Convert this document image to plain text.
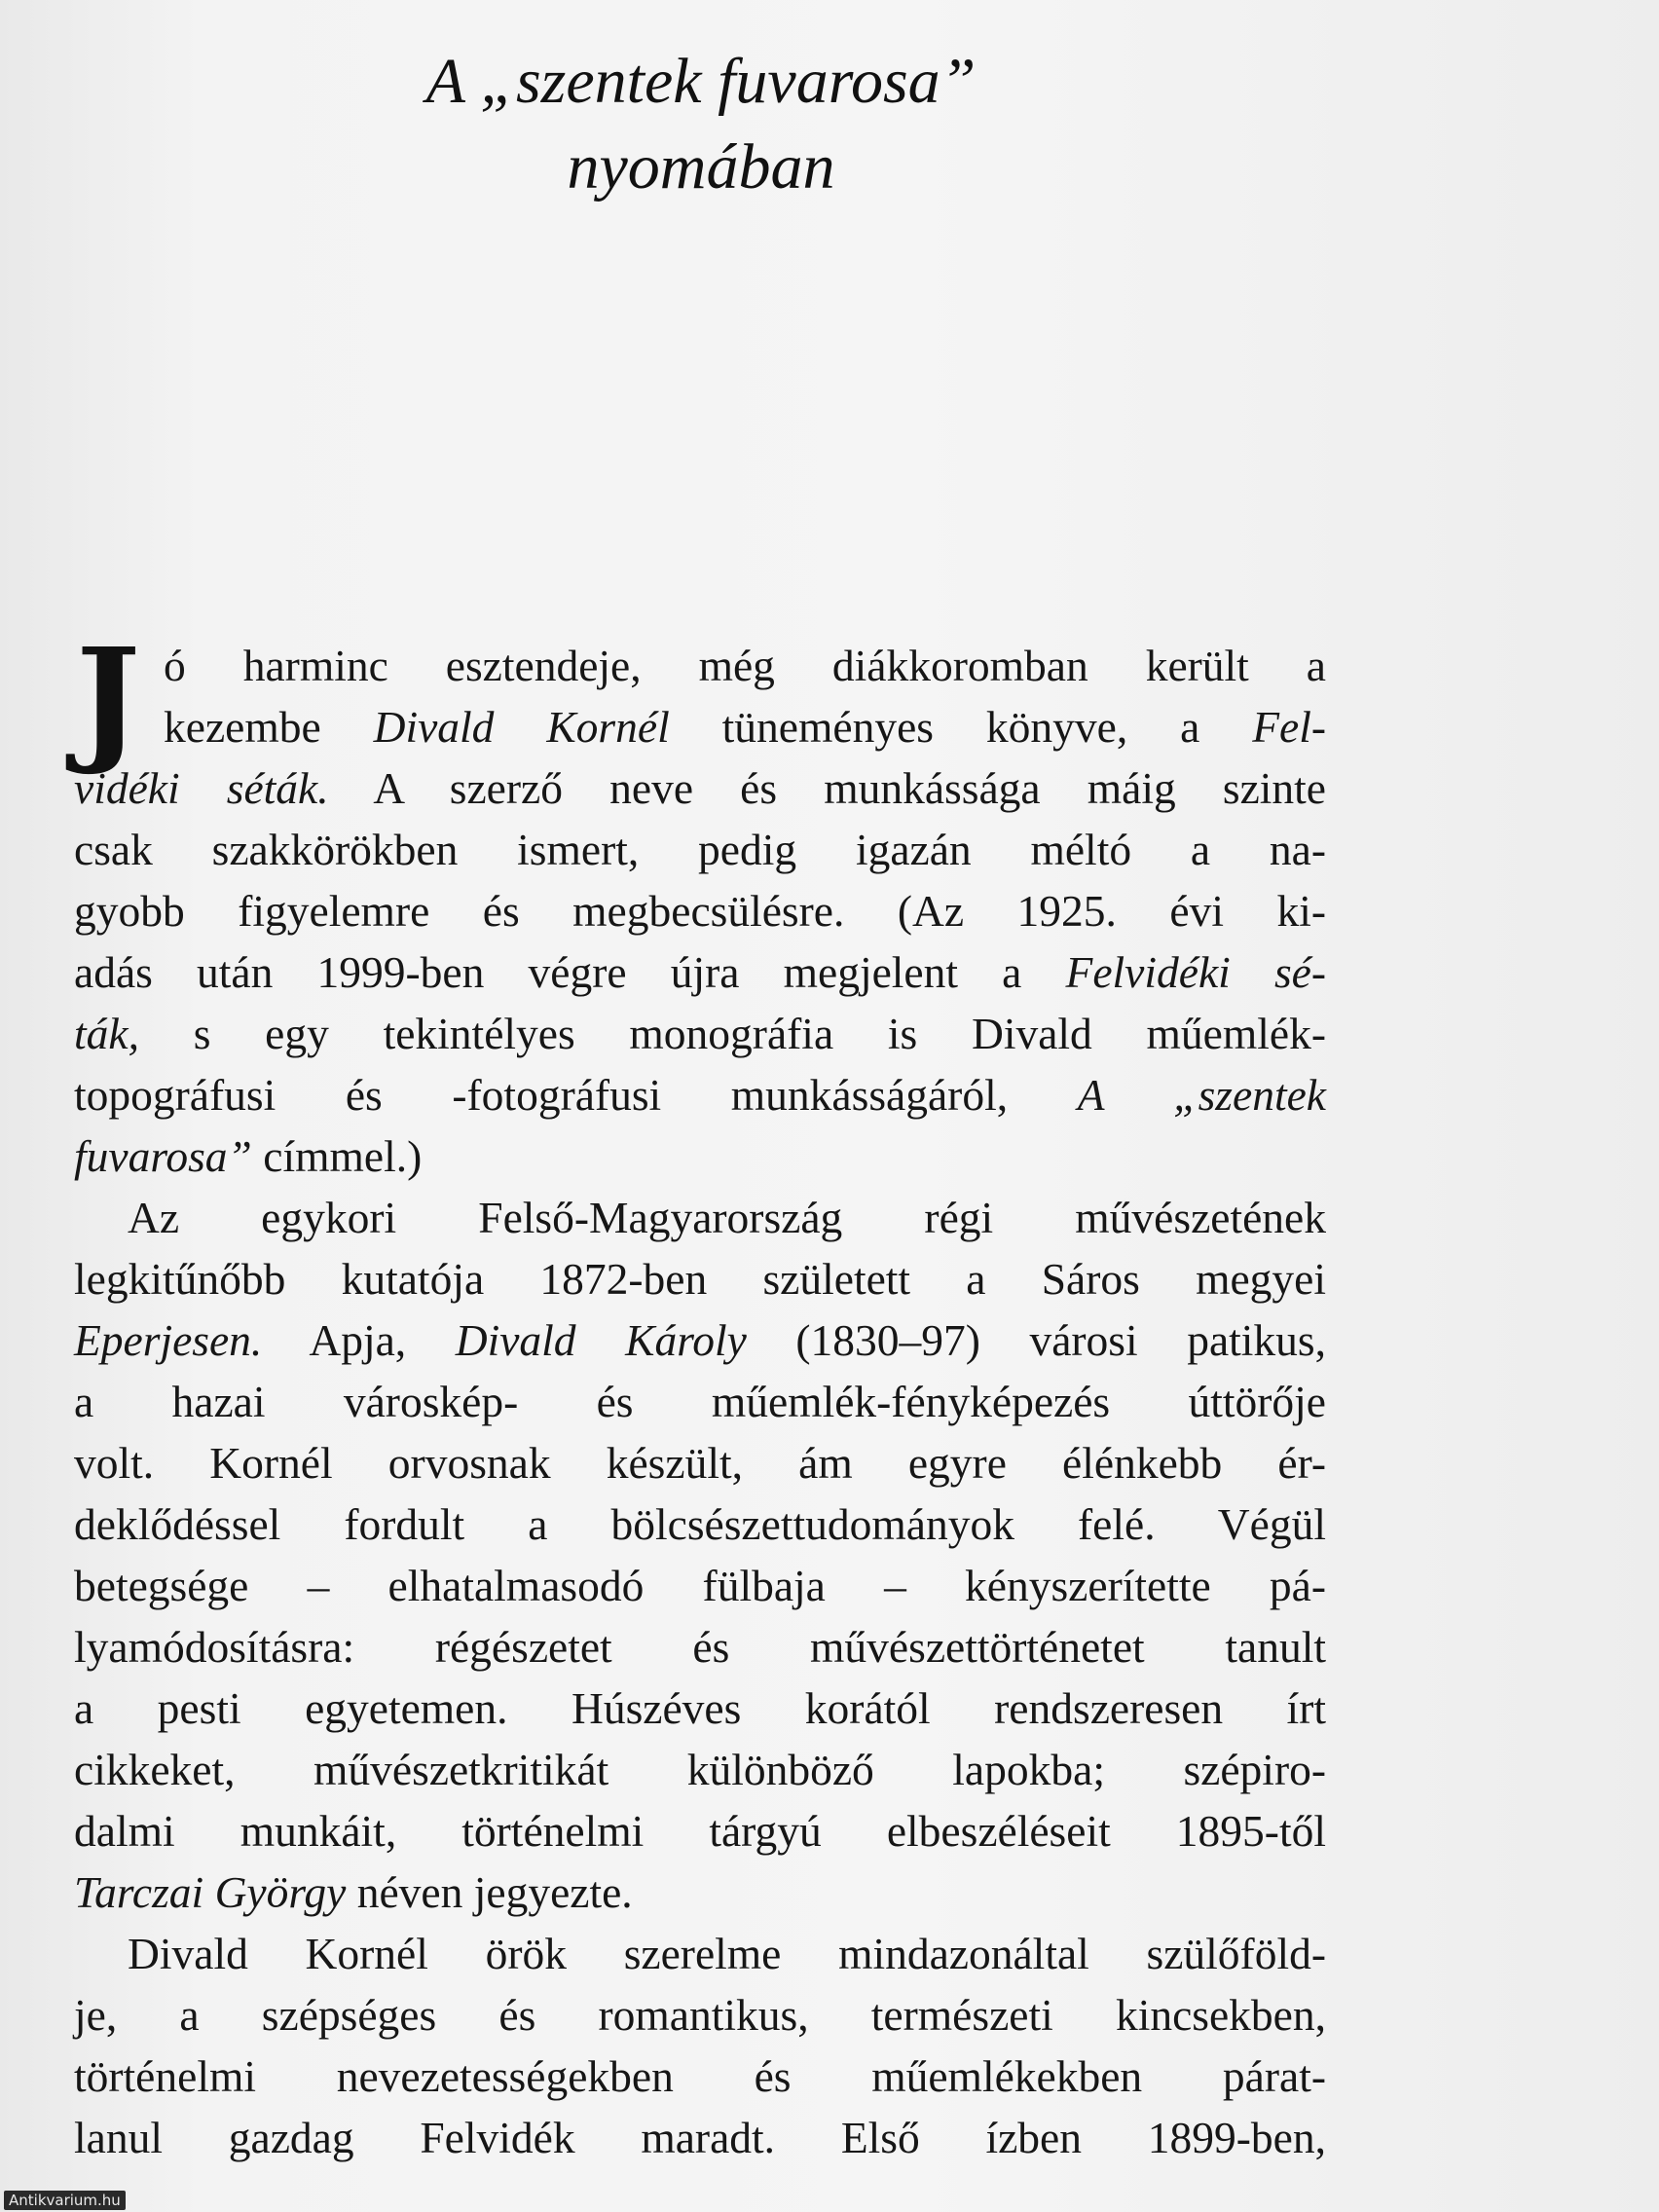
A „szentek fuvarosa”
nyomában
J ó harminc esztendeje, még diákkoromban került a
kezembe Divald Kornél tüneményes könyve, a Fel-
vidéki séták. A szerző neve és munkássága máig szinte
csak szakkörökben ismert, pedig igazán méltó a na-
gyobb figyelemre és megbecsülésre. (Az 1925. évi ki-
adás után 1999-ben végre újra megjelent a Felvidéki sé-
ták, s egy tekintélyes monográfia is Divald műemlék-
topográfusi és -fotográfusi munkásságáról, A „szentek
fuvarosa” címmel.)
Az egykori Felső-Magyarország régi művészetének
legkitűnőbb kutatója 1872-ben született a Sáros megyei
Eperjesen. Apja, Divald Károly (1830–97) városi patikus,
a hazai városkép- és műemlék-fényképezés úttörője
volt. Kornél orvosnak készült, ám egyre élénkebb ér-
deklődéssel fordult a bölcsészettudományok felé. Végül
betegsége – elhatalmasodó fülbaja – kényszerítette pá-
lyamódosításra: régészetet és művészettörténetet tanult
a pesti egyetemen. Húszéves korától rendszeresen írt
cikkeket, művészetkritikát különböző lapokba; szépiro-
dalmi munkáit, történelmi tárgyú elbeszéléseit 1895-től
Tarczai György néven jegyezte.
Divald Kornél örök szerelme mindazonáltal szülőföld-
je, a szépséges és romantikus, természeti kincsekben,
történelmi nevezetességekben és műemlékekben párat-
lanul gazdag Felvidék maradt. Első ízben 1899-ben,
Antikvarium.hu
